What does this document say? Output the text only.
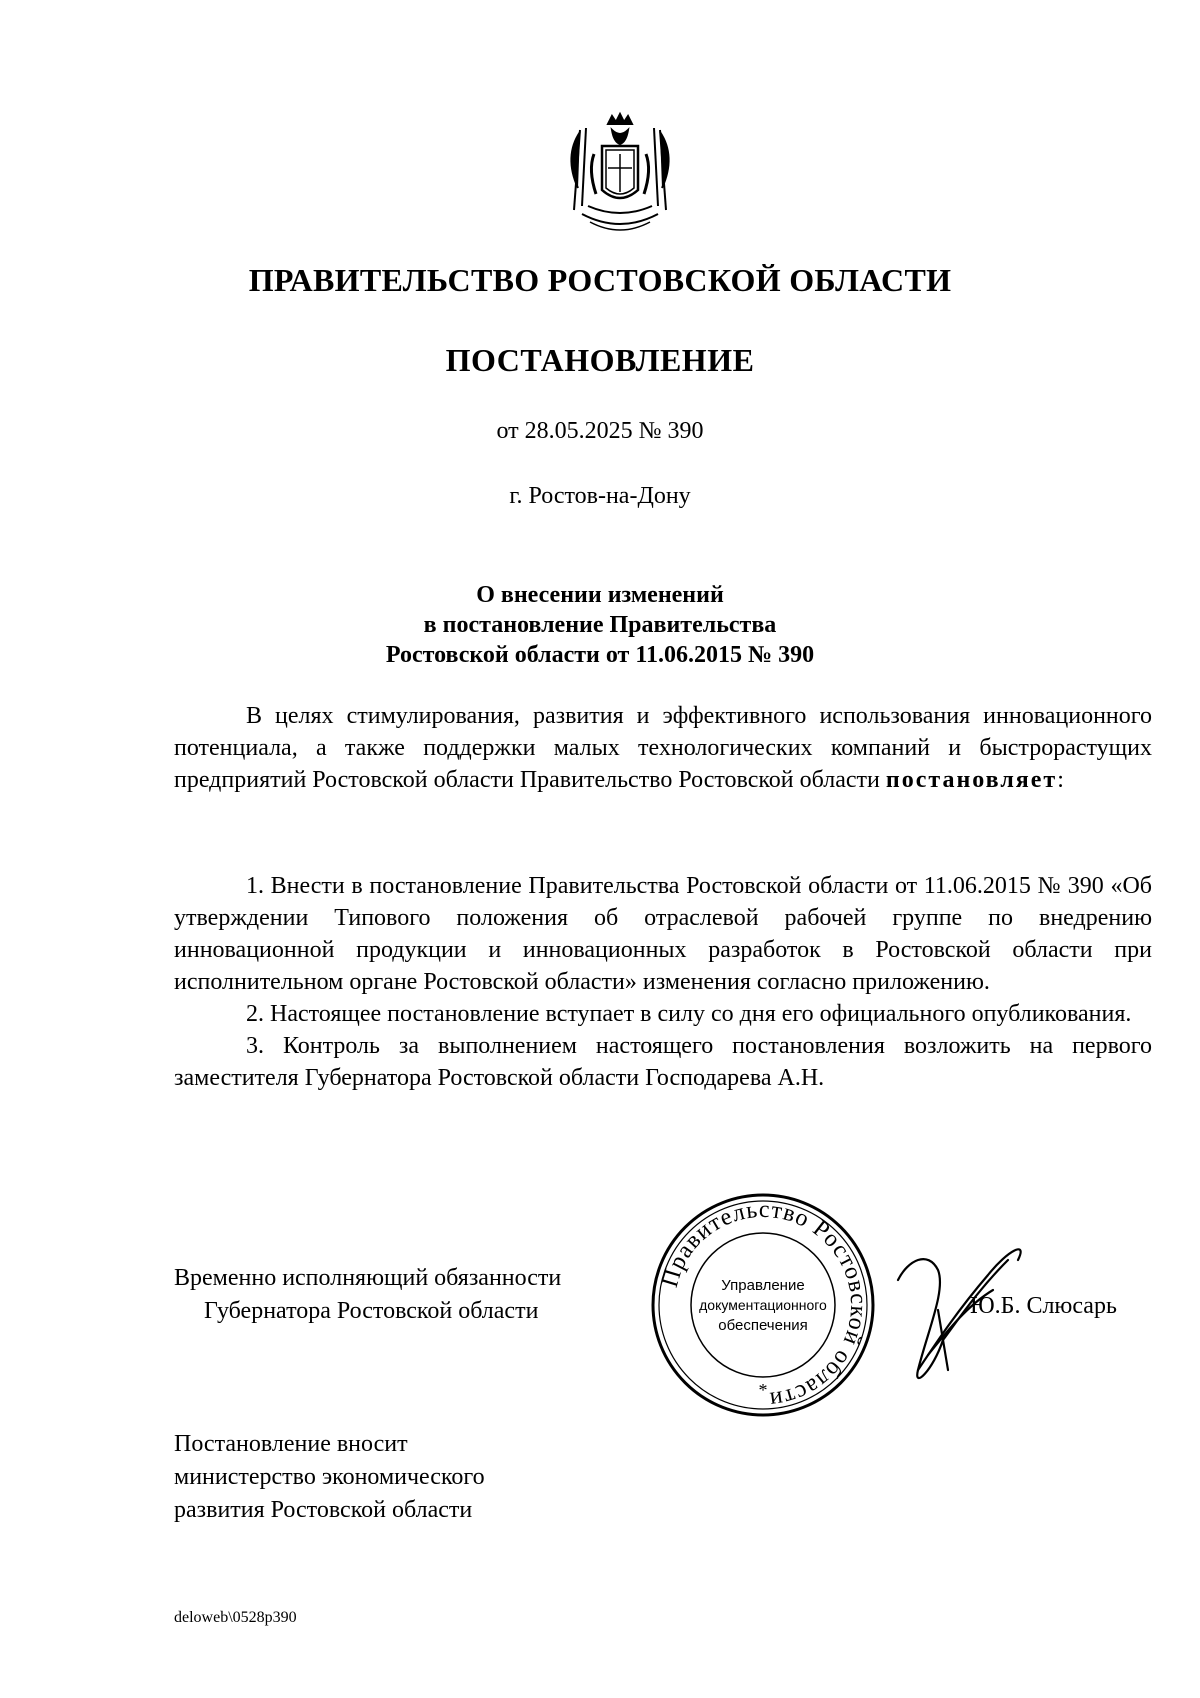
ПРАВИТЕЛЬСТВО РОСТОВСКОЙ ОБЛАСТИ
ПОСТАНОВЛЕНИЕ
от 28.05.2025 № 390
г. Ростов-на-Дону
О внесении изменений
в постановление Правительства
Ростовской области от 11.06.2015 № 390

В целях стимулирования, развития и эффективного использования инновационного потенциала, а также поддержки малых технологических компаний и быстрорастущих предприятий Ростовской области Правительство Ростовской области постановляет:

1. Внести в постановление Правительства Ростовской области от 11.06.2015 № 390 «Об утверждении Типового положения об отраслевой рабочей группе по внедрению инновационной продукции и инновационных разработок в Ростовской области при исполнительном органе Ростовской области» изменения согласно приложению.

2. Настоящее постановление вступает в силу со дня его официального опубликования.

3. Контроль за выполнением настоящего постановления возложить на первого заместителя Губернатора Ростовской области Господарева А.Н.

Временно исполняющий обязанности
Губернатора Ростовской области
Правительство Ростовской области
Управление
документационного
обеспечения
*
Ю.Б. Слюсарь
Постановление вносит
министерство экономического
развития Ростовской области
deloweb\0528p390
